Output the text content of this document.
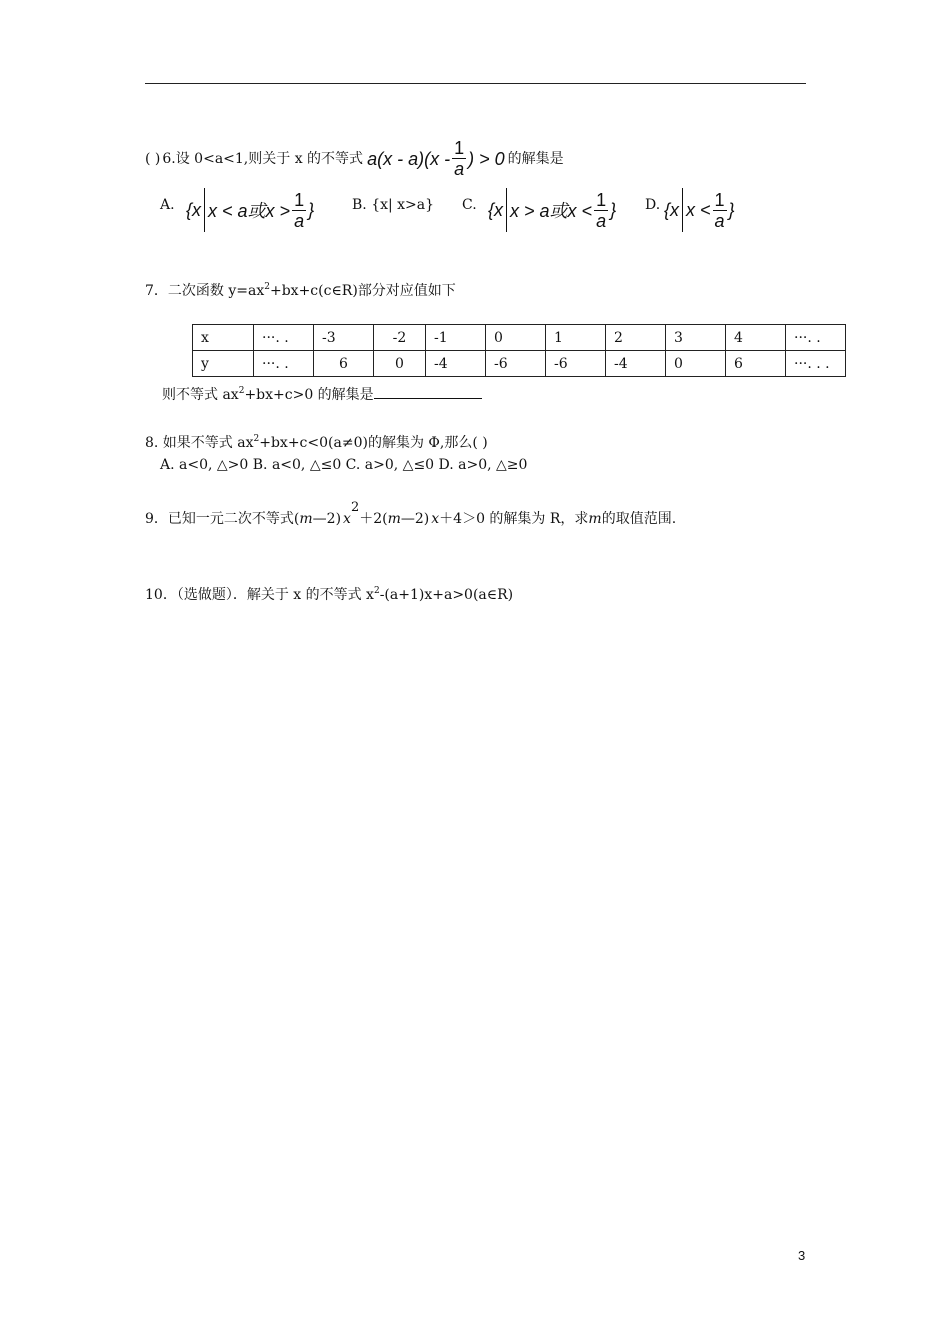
( ) 6.设 0<a<1,则关于 x 的不等式 $a(x - a)(x - \frac{1}{a}$ ) > 0 的解集是
A. {x x < a或$x > \frac{1}{a}$ }	B. {x| x>a} C. {x x > a或$x < \frac{1}{a}$ } D. {x $x < \frac{1}{a}$ }
7．二次函数 $y=ax^2+bx+c(c\in R)$部分对应值如下
x	···. .	-3	-2	-1	0	1	2	3	4	···. .
y	···. .	6	0	-4	-6	-6	-4	0	6	···. . .
则不等式 $ax^2+bx+c>0$ 的解集是
8. 如果不等式 $ax^2+bx+c<0(a\ne 0)$的解集为 Φ,那么( )
A. a<0, △>0 B. a<0, △≤0 C. a>0, △≤0 D. a>0, △≥0
9．已知一元二次不等式(m—2) $x^2+2(m—2)$ x＋4＞0 的解集为 R，求m的取值范围.
10．（选做题）．解关于 x 的不等式 $x^2-(a+1)x+a>0(a\in R)$
3
